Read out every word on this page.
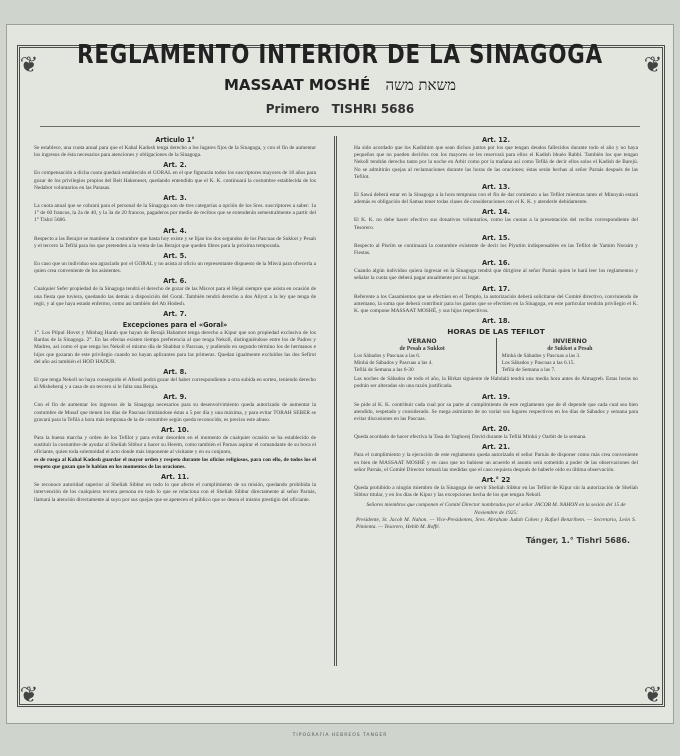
❦	❦
❦	❦
REGLAMENTO INTERIOR DE LA SINAGOGA
MASSAAT MOSHÉ משאת משה
Primero TISHRI 5686
Articulo 1°
Se establece, una cuota anual para que el Kahal Kadosh tenga derecho a los lugares fijos de la Sinagoga, y con el fin de aumentar los ingresos de ésta necesarios para atenciones y obligaciones de la Sinagoga.
Art. 2.
En compensación a dicha cuota quedará establecido el GORAL en el que figurarán todos los suscriptores mayores de 18 años para gozar de los privilegios propios del Beit Hakeneset, quedando entendido que el K. K. continuará la costumbre establecida de los Nedabot voluntarios en las Parasas.
Art. 3.
La cuota anual que se cobrará para el personal de la Sinagoga son de tres categorías a opción de los Sres. suscriptores a saber: 1a 1° de 60 francos, la 2a de 40, y la 3a de 20 francos, pagaderos por medio de recibos que se extenderán semestralmente a partir del 1° Tishri 5686.
Art. 4.
Respecto a las Berajot se mantiene la costumbre que hasta hoy existe y se fijan los dos segundos de los Pascuas de Sukkot y Pesah y el tercero la Tefilá para los que pretenden a la venta de las Berajot que queden libres para la próxima temporada.
Art. 5.
En caso que un individuo sea agraciado por el GORAL y no asista al oficio un representante dispuesto de la Misvá para ofrecerla a quien crea conveniente de los asistentes.
Art. 6.
Cualquier Sefer propiedad de la Sinagoga tendrá el derecho de gozar de las Misvot para el Hejal siempre que asista en ocasión de una fiesta que tuviera, quedando las demás a disposición del Goral. También tendrá derecho a dos Aliyot a la ley que tenga de regir, y al que haya estado enfermo, como así también del Ab Hodesh.
Art. 7.
Excepciones para el «Goral»
1°. Los Pilpul Hovot y Minhag Harab que hayan de Berajá Habamot tenga derecho a Kipur que son propiedad exclusiva de los Bardas de la Sinagoga. 2°. En las efectas existen tiempo preferencia al que tenga Nekoll, distinguiéndose entre los de Padres y Madres, así como el que tenga los Nekoll el mismo día de Shabbat o Pascuas, y pudiendo en segundo término los de hermanos e hijos que gozaran de este privilegio cuando no hayan aplicantes para las primeras. Quedan igualmente excluídos las dos Sefirot del año así también el HOD HADUR.
Art. 8.
El que tenga Nekoll no haya conseguido el Afsedi podrá gozar del haber correspondiente a otra subida en sorteo, teniendo derecho al Misheberaj y a casa de un tercero si le falta una Beraja.
Art. 9.
Con el fin de aumentar los ingresos de la Sinagoga necesarios para su desenvolvimiento queda autorizado de aumentar la costumbre de Musaf que tienen los días de Pascuas limitándose éstas a 5 por día y una máxima, y para evitar TORAH SEBER se gravará para la Tefilá a hora más temprana de la de costumbre según queda reconocido, es preciso este abuso.
Art. 10.
Para la buena marcha y orden de los Tefilot y para evitar desorden en el momento de cualquier ocasión se ha establecido de sustituir la costumbre de ayudar al Shelíah Sibbur a hacer su Herem, como también el Parnas aspirar el comandante de su boca el oficiante, quien toda solemnidad el acto donde más imponente al visitante y en su conjunto,
es de ruega al Kahal Kadosh guardar el mayor orden y respeto durante los oficios religiosos, para con ello, de todos los el respeto que gozan que le habian en los momentos de las oraciones.
Art. 11.
Se reconoce autoridad superior al Shelíah Sibbur en todo lo que afecte el cumplimiento de su misión, quedando prohibida la intervención de los cualquiera tercera persona en todo lo que se relaciona con el Shelíah Sibbur directamente al señor Parnás, llamará la atención directamente al suyo por sus quejas que se apetecen el público que se desea el mismo prestigio del oficiante.
Art. 12.
Ha sido acordado que los Kadishim que sean dichos juntos por los que tengan deudos fallecidos durante todo el año y no haya pequeños que no pueden decirlos con los mayores se les reservará para ellos el Kadish bhuéo Rabbí. También los que tengan Nekoll tendrán derecho tanto por la noche en Arbit como por la mañana así como Tefilá de decir ellos solos el Kadish de Barejú. No se admitirán quejas al reclamaciones durante las horas de las oraciones; éstas serán hechas al señor Parnás después de las Tefilot.
Art. 13.
El Sawá deberá estar en la Sinagoga a la hora temprana con el fin de dar comienzo a las Tefilot mientras tanto el Minnyán estará además es obligación del Samas tener todas clases de consideraciones con el K. K. y atenderle debidamente.
Art. 14.
El K. K. no debe hacer efectivo sus donativos voluntarios, como las cuotas a la presentación del recibo correspondiente del Tesorero.
Art. 15.
Respecto al Pisrím se continuará la costumbre existente de decir los Piyutim indispensables en las Tefilot de Yamim Noraim y Fiestas.
Art. 16.
Cuando algún individuo quiera ingresar en la Sinagoga tendrá que dirigirse al señor Parnás quien le hará leer los reglamentos y señalar la cuota que deberá pagar anualmente por su lugar.
Art. 17.
Referente a los Casamientos que se efectúen en el Templo, la autorización deberá solicitarse del Comité directivo, conviniendo de antemano, la suma que deberá contribuir para los gastos que se efectúen en la Sinagoga, en este particular tendrán privilegio el K. K. que compone MASSAAT MOSHÉ, y sus hijos respectivos.
Art. 18.
HORAS DE LAS TEFILOT
VERANO
de Pesah a Sukkot
Los Sábados y Pascuas a las 6.
Minhá de Sábados y Pascuas a las 4.
Tefilá de Semana a las 6-30
INVIERNO
de Sukkot a Pesah
Minhá de Sábados y Pascuas a las 3.
Los Sábados y Pascuas a las 6.15.
Tefilá de Semana a las 7.
Las noches de Sábados de todo el año, la Birkat siguiente de Habdalá tendrá una media hora antes de Almagreb. Estas horas no podrán ser alteradas sin una razón justificada.
Art. 19.
Se pide al K. K. contribuir cada cual por su parte al cumplimiento de este reglamento que de él depende que cada cual sea bien atendido, respetado y considerado. Se ruega asimismo de no variar sus lugares respectivos en los días de Sábados y semana para evitar discusiones en las Pascuas.
Art. 20.
Queda acordado de hacer efectiva la Tasa de Yaghorej David durante la Tefilá Minhá y Oarbit de la semana.
Art. 21.
Para el cumplimiento y la ejecución de este reglamento queda autorizado el señor Parnás de disponer como más crea conveniente en bien de MASSAAT MOSHÉ y en caso que no hubiese un acuerdo el asunto será sometido a poder de las observaciones del señor Parnás, el Comité Director tomará las medidas que el caso requiera después de haberle oído su última observación.
Art.° 22
Queda prohibido a ningún miembro de la Sinagoga de servir Shelíah Sibbur en las Tefilot de Kipur sin la autorización de Shelíah Sibbur titular, y en los días de Kipur y las excepciones hecha de los que tengan Nekoll.
Señores miembros que componen el Comité Director nombrados por el señor JACOB M. NAHON en la sesión del 15 de Noviembre de 1925:
Presidente, Sr. Jacob M. Nahon. — Vice-Presidentes, Sres. Abraham Judah Cohen y Rafael Benzrihem. — Secretario, León S. Pimienta. — Tesorero, Hebib M. Roffé.
Tánger, 1.° Tishri 5686.
TIPOGRAFIA HEBREOS TANGER
